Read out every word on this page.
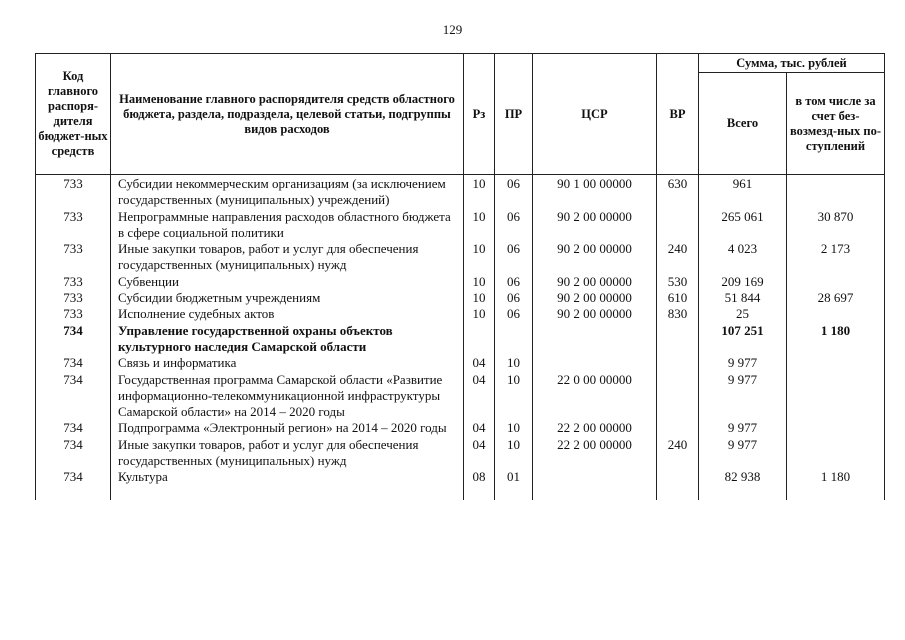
129
Код главного распоря-дителя бюджет-ных средств	Наименование главного распорядителя средств областного бюджета, раздела, подраздела, целевой статьи, подгруппы видов расходов	Рз	ПР	ЦСР	ВР	Сумма, тыс. рублей	
						Всего	в том числе за счет без-возмезд-ных по-ступлений
733	Субсидии некоммерческим организациям (за исключением государственных (муниципальных) учреждений)	10	06	90 1 00 00000	630	961	
733	Непрограммные направления расходов областного бюджета в сфере социальной политики	10	06	90 2 00 00000		265 061	30 870
733	Иные закупки товаров, работ и услуг для обеспечения государственных (муниципальных) нужд	10	06	90 2 00 00000	240	4 023	2 173
733	Субвенции	10	06	90 2 00 00000	530	209 169	
733	Субсидии бюджетным учреждениям	10	06	90 2 00 00000	610	51 844	28 697
733	Исполнение судебных актов	10	06	90 2 00 00000	830	25	
734	Управление государственной охраны объектов культурного наследия Самарской области					107 251	1 180
734	Связь и информатика	04	10			9 977	
734	Государственная программа Самарской области «Развитие информационно-телекоммуникационной инфраструктуры Самарской области» на 2014 – 2020 годы	04	10	22 0 00 00000		9 977	
734	Подпрограмма «Электронный регион» на 2014 – 2020 годы	04	10	22 2 00 00000		9 977	
734	Иные закупки товаров, работ и услуг для обеспечения государственных (муниципальных) нужд	04	10	22 2 00 00000	240	9 977	
734	Культура	08	01			82 938	1 180
